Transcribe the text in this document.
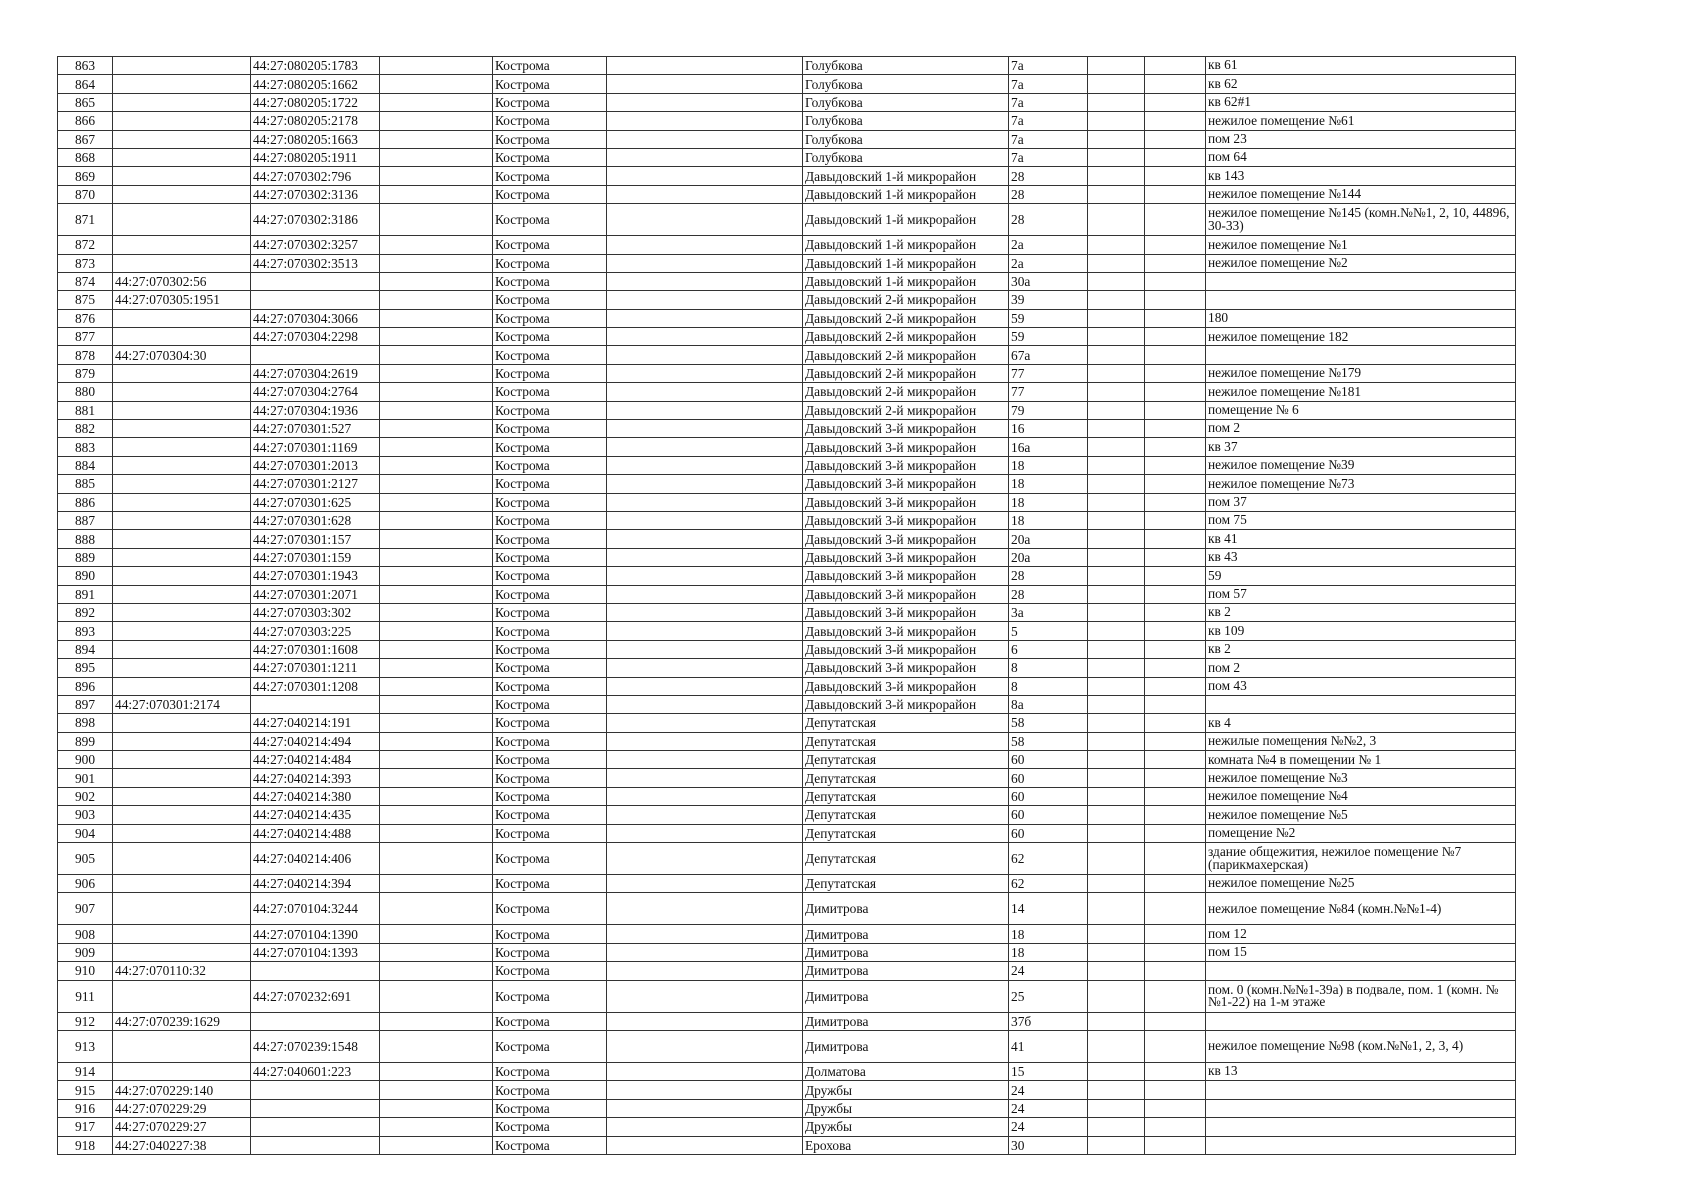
863		44:27:080205:1783		Кострома		Голубкова	7а			кв 61
864		44:27:080205:1662		Кострома		Голубкова	7а			кв 62
865		44:27:080205:1722		Кострома		Голубкова	7а			кв 62#1
866		44:27:080205:2178		Кострома		Голубкова	7а			нежилое помещение №61
867		44:27:080205:1663		Кострома		Голубкова	7а			пом 23
868		44:27:080205:1911		Кострома		Голубкова	7а			пом 64
869		44:27:070302:796		Кострома		Давыдовский 1-й микрорайон	28			кв 143
870		44:27:070302:3136		Кострома		Давыдовский 1-й микрорайон	28			нежилое помещение №144
871		44:27:070302:3186		Кострома		Давыдовский 1-й микрорайон	28			нежилое помещение №145 (комн.№№1, 2, 10, 44896, 30-33)
872		44:27:070302:3257		Кострома		Давыдовский 1-й микрорайон	2а			нежилое помещение №1
873		44:27:070302:3513		Кострома		Давыдовский 1-й микрорайон	2а			нежилое помещение №2
874	44:27:070302:56			Кострома		Давыдовский 1-й микрорайон	30а			
875	44:27:070305:1951			Кострома		Давыдовский 2-й микрорайон	39			
876		44:27:070304:3066		Кострома		Давыдовский 2-й микрорайон	59			180
877		44:27:070304:2298		Кострома		Давыдовский 2-й микрорайон	59			нежилое помещение 182
878	44:27:070304:30			Кострома		Давыдовский 2-й микрорайон	67а			
879		44:27:070304:2619		Кострома		Давыдовский 2-й микрорайон	77			нежилое помещение №179
880		44:27:070304:2764		Кострома		Давыдовский 2-й микрорайон	77			нежилое помещение №181
881		44:27:070304:1936		Кострома		Давыдовский 2-й микрорайон	79			помещение № 6
882		44:27:070301:527		Кострома		Давыдовский 3-й микрорайон	16			пом 2
883		44:27:070301:1169		Кострома		Давыдовский 3-й микрорайон	16а			кв 37
884		44:27:070301:2013		Кострома		Давыдовский 3-й микрорайон	18			нежилое помещение №39
885		44:27:070301:2127		Кострома		Давыдовский 3-й микрорайон	18			нежилое помещение №73
886		44:27:070301:625		Кострома		Давыдовский 3-й микрорайон	18			пом 37
887		44:27:070301:628		Кострома		Давыдовский 3-й микрорайон	18			пом 75
888		44:27:070301:157		Кострома		Давыдовский 3-й микрорайон	20а			кв 41
889		44:27:070301:159		Кострома		Давыдовский 3-й микрорайон	20а			кв 43
890		44:27:070301:1943		Кострома		Давыдовский 3-й микрорайон	28			59
891		44:27:070301:2071		Кострома		Давыдовский 3-й микрорайон	28			пом 57
892		44:27:070303:302		Кострома		Давыдовский 3-й микрорайон	3а			кв 2
893		44:27:070303:225		Кострома		Давыдовский 3-й микрорайон	5			кв 109
894		44:27:070301:1608		Кострома		Давыдовский 3-й микрорайон	6			кв 2
895		44:27:070301:1211		Кострома		Давыдовский 3-й микрорайон	8			пом 2
896		44:27:070301:1208		Кострома		Давыдовский 3-й микрорайон	8			пом 43
897	44:27:070301:2174			Кострома		Давыдовский 3-й микрорайон	8а			
898		44:27:040214:191		Кострома		Депутатская	58			кв 4
899		44:27:040214:494		Кострома		Депутатская	58			нежилые помещения №№2, 3
900		44:27:040214:484		Кострома		Депутатская	60			комната №4 в помещении № 1
901		44:27:040214:393		Кострома		Депутатская	60			нежилое помещение №3
902		44:27:040214:380		Кострома		Депутатская	60			нежилое помещение №4
903		44:27:040214:435		Кострома		Депутатская	60			нежилое помещение №5
904		44:27:040214:488		Кострома		Депутатская	60			помещение №2
905		44:27:040214:406		Кострома		Депутатская	62			здание общежития, нежилое помещение №7 (парикмахерская)
906		44:27:040214:394		Кострома		Депутатская	62			нежилое помещение №25
907		44:27:070104:3244		Кострома		Димитрова	14			нежилое помещение №84 (комн.№№1-4)
908		44:27:070104:1390		Кострома		Димитрова	18			пом 12
909		44:27:070104:1393		Кострома		Димитрова	18			пом 15
910	44:27:070110:32			Кострома		Димитрова	24			
911		44:27:070232:691		Кострома		Димитрова	25			пом. 0 (комн.№№1-39а) в подвале, пом. 1 (комн. №№1-22) на 1-м этаже
912	44:27:070239:1629			Кострома		Димитрова	37б			
913		44:27:070239:1548		Кострома		Димитрова	41			нежилое помещение №98 (ком.№№1, 2, 3, 4)
914		44:27:040601:223		Кострома		Долматова	15			кв 13
915	44:27:070229:140			Кострома		Дружбы	24			
916	44:27:070229:29			Кострома		Дружбы	24			
917	44:27:070229:27			Кострома		Дружбы	24			
918	44:27:040227:38			Кострома		Ерохова	30			
